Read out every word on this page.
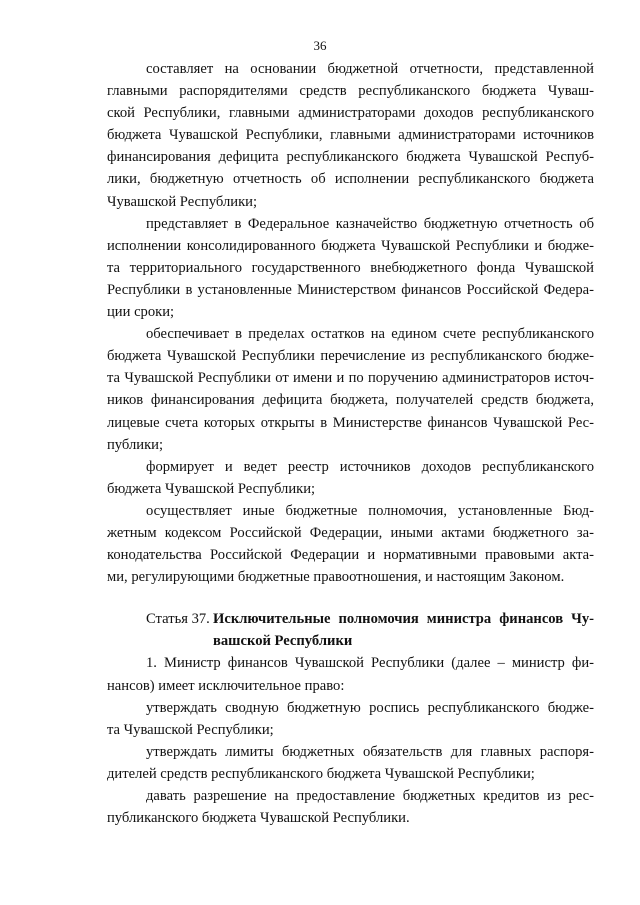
36
составляет на основании бюджетной отчетности, представленной
главными распорядителями средств республиканского бюджета Чуваш-
ской Республики, главными администраторами доходов республиканского
бюджета Чувашской Республики, главными администраторами источников
финансирования дефицита республиканского бюджета Чувашской Респуб-
лики, бюджетную отчетность об исполнении республиканского бюджета
Чувашской Республики;
представляет в Федеральное казначейство бюджетную отчетность об
исполнении консолидированного бюджета Чувашской Республики и бюдже-
та территориального государственного внебюджетного фонда Чувашской
Республики в установленные Министерством финансов Российской Федера-
ции сроки;
обеспечивает в пределах остатков на едином счете республиканского
бюджета Чувашской Республики перечисление из республиканского бюдже-
та Чувашской Республики от имени и по поручению администраторов источ-
ников финансирования дефицита бюджета, получателей средств бюджета,
лицевые счета которых открыты в Министерстве финансов Чувашской Рес-
публики;
формирует и ведет реестр источников доходов республиканского
бюджета Чувашской Республики;
осуществляет иные бюджетные полномочия, установленные Бюд-
жетным кодексом Российской Федерации, иными актами бюджетного за-
конодательства Российской Федерации и нормативными правовыми акта-
ми, регулирующими бюджетные правоотношения, и настоящим Законом.
Статья 37. Исключительные полномочия министра финансов Чу-
вашской Республики
1. Министр финансов Чувашской Республики (далее – министр фи-
нансов) имеет исключительное право:
утверждать сводную бюджетную роспись республиканского бюдже-
та Чувашской Республики;
утверждать лимиты бюджетных обязательств для главных распоря-
дителей средств республиканского бюджета Чувашской Республики;
давать разрешение на предоставление бюджетных кредитов из рес-
публиканского бюджета Чувашской Республики.
